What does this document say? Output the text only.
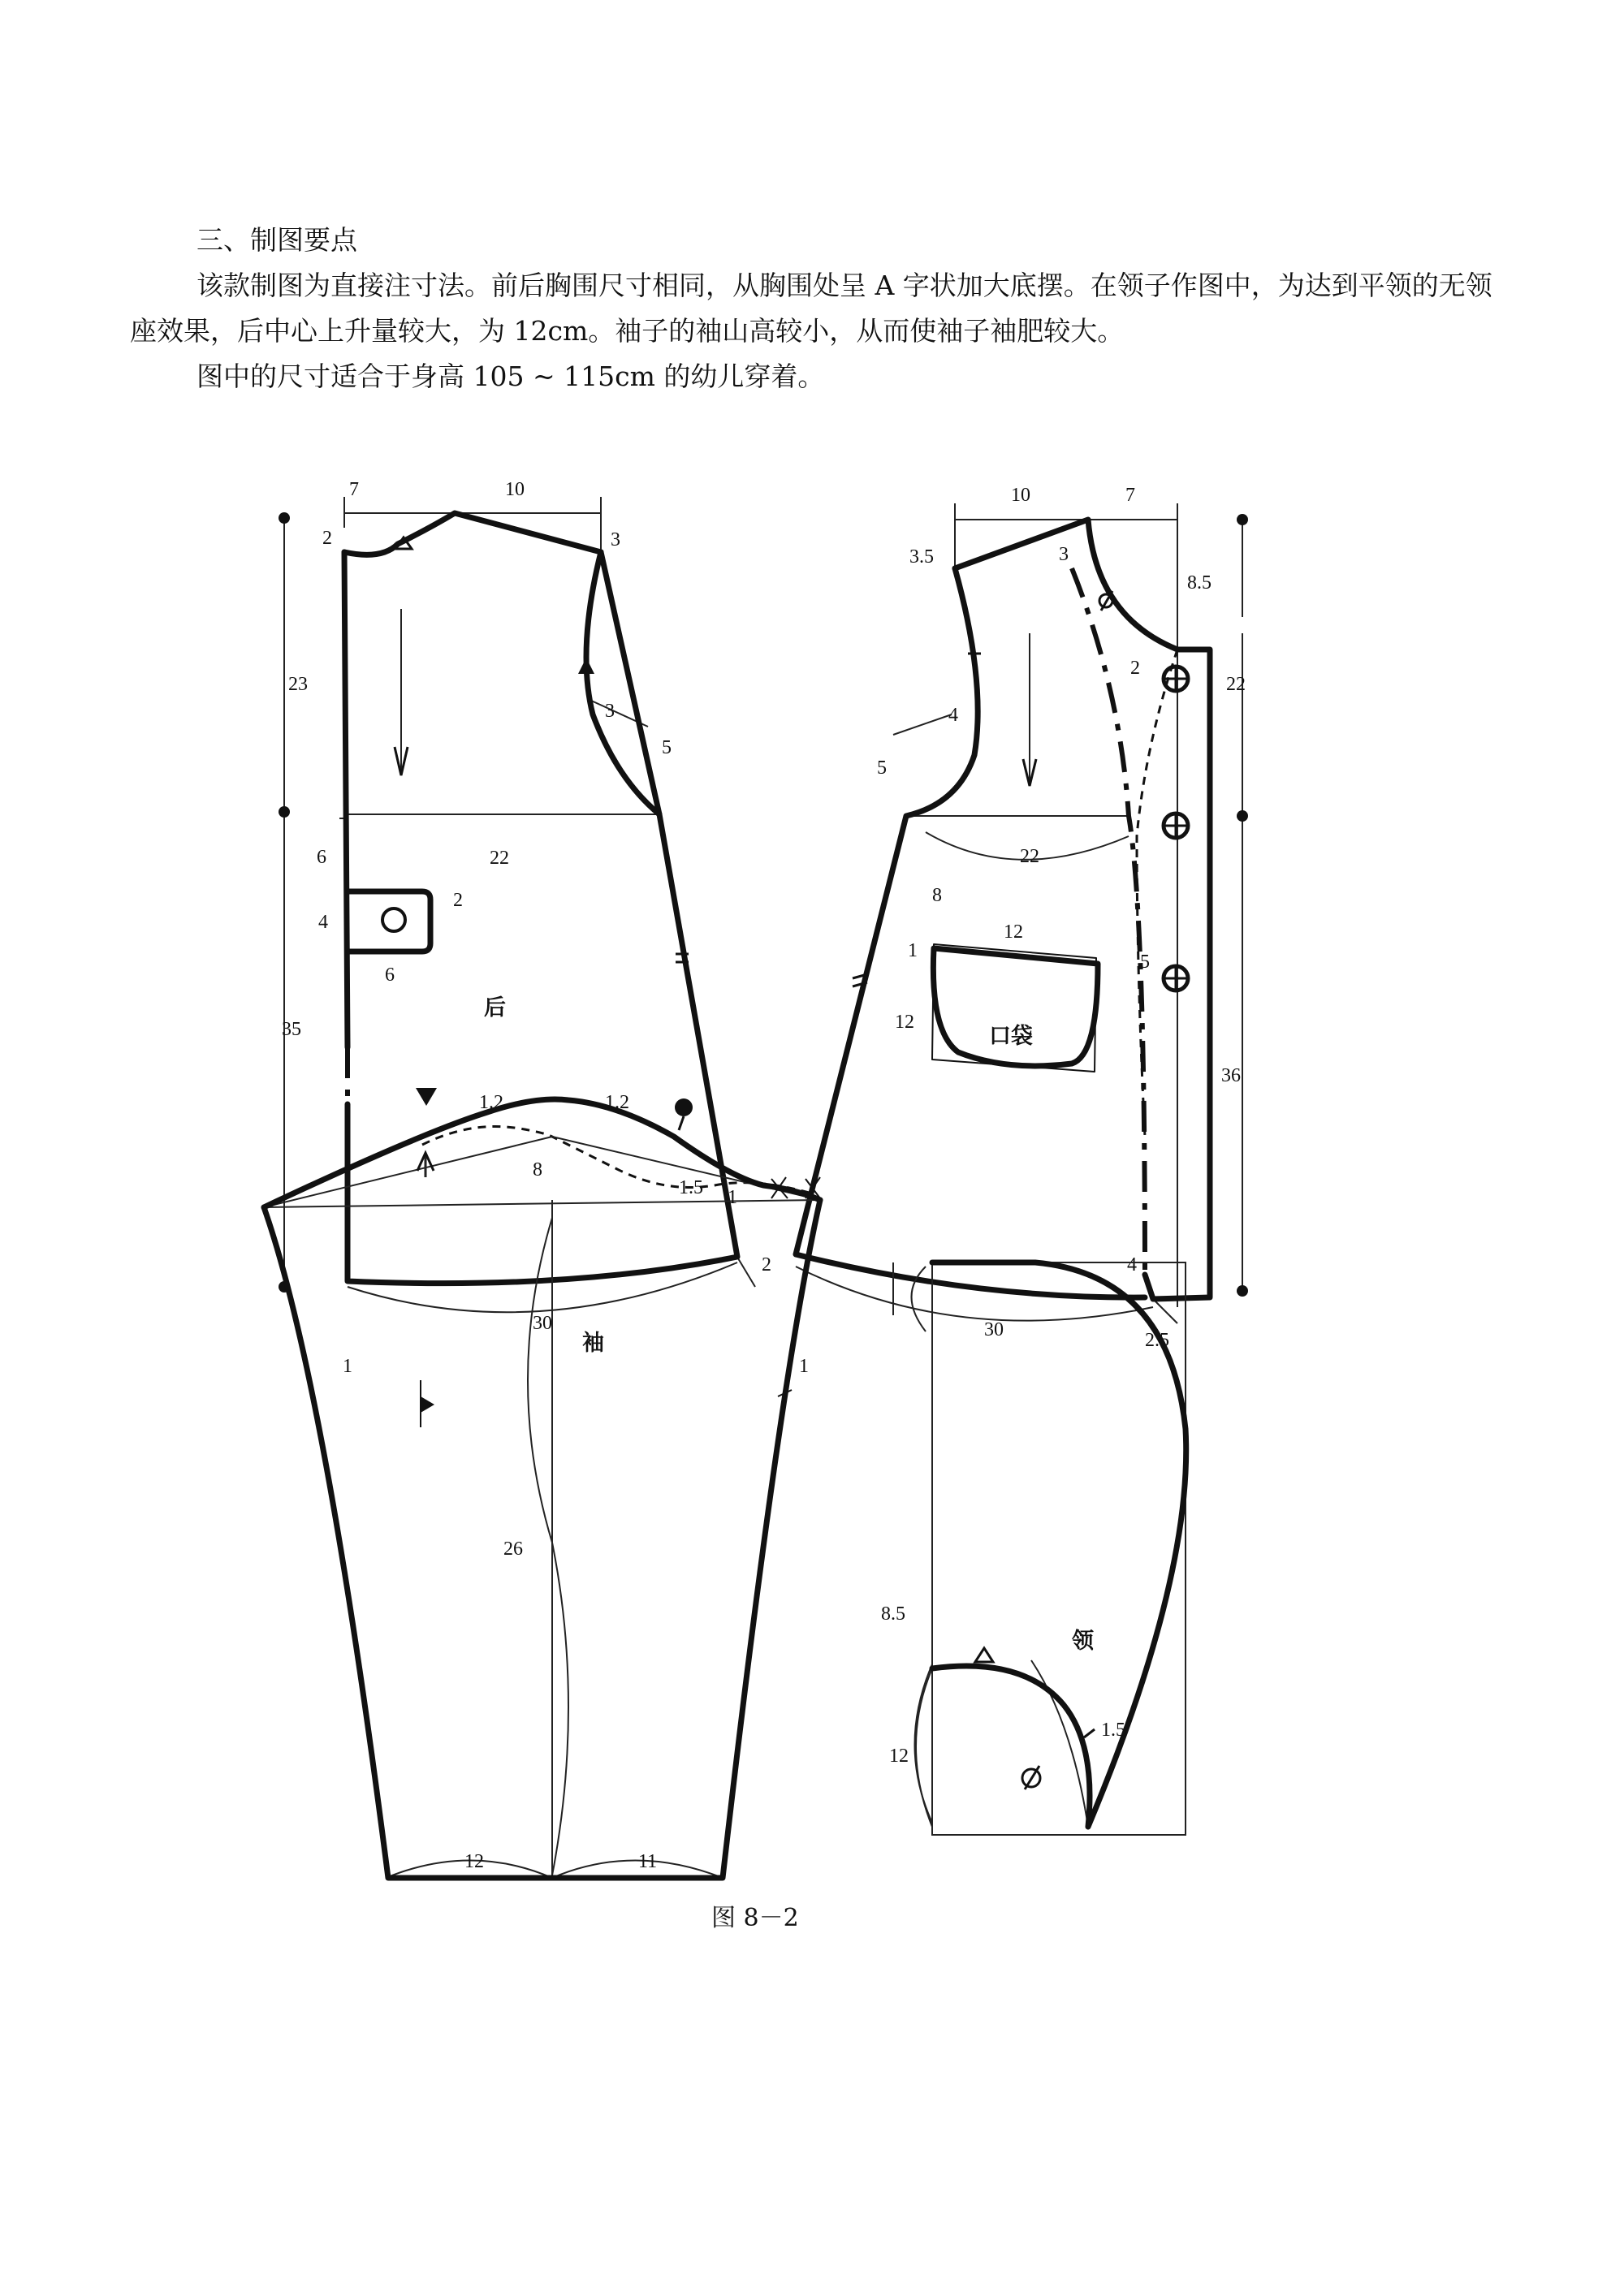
三、制图要点

该款制图为直接注寸法。前后胸围尺寸相同，从胸围处呈 A 字状加大底摆。在领子作图中，为达到平领的无领座效果，后中心上升量较大，为 12cm。袖子的袖山高较小，从而使袖子袖肥较大。

图中的尺寸适合于身高 105 ~ 115cm 的幼儿穿着。

7	10
2	3
23
3
5
22
6
4
6
2
后
35
2
30
10	7
3.5	3
8.5
2
22
4
5
22
8
1
12
12
口袋
5
36
4
30	2.5
1.2	1.2
8
1.5 1
袖
1	1
26
12	11
8.5
领
12
1.5
图 8－2
